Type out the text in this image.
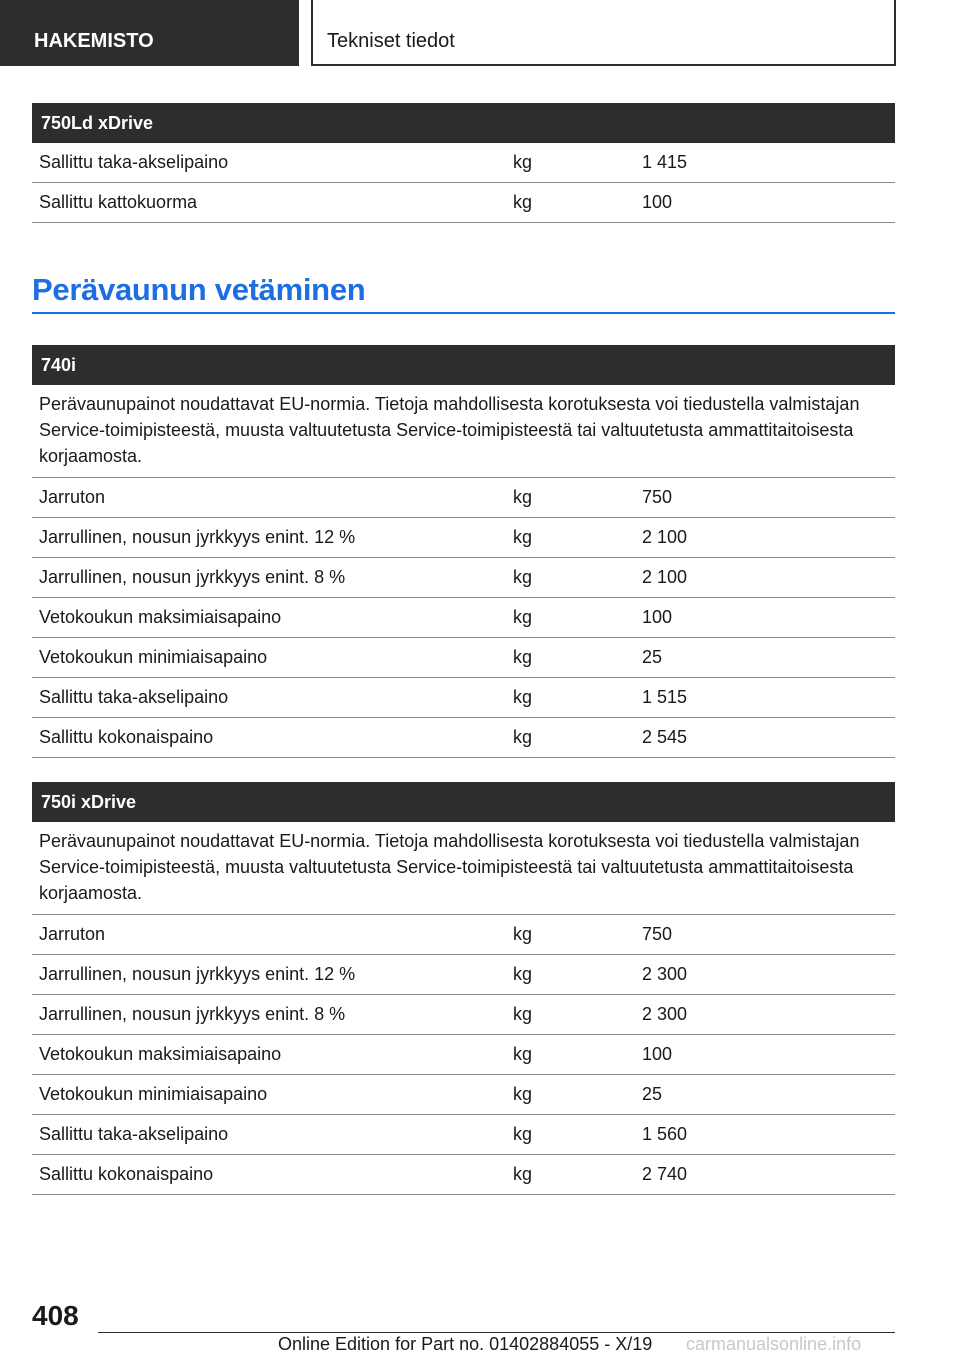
HAKEMISTO	Tekniset tiedot
750Ld xDrive
Sallittu taka-akselipaino	kg	1 415
Sallittu kattokuorma	kg	100
Perävaunun vetäminen
740i
Perävaunupainot noudattavat EU-normia. Tietoja mahdollisesta korotuksesta voi tiedustella valmistajan Service-toimipisteestä, muusta valtuutetusta Service-toimipisteestä tai valtuutetusta ammattitaitoisesta korjaamosta.
Jarruton	kg	750
Jarrullinen, nousun jyrkkyys enint. 12 %	kg	2 100
Jarrullinen, nousun jyrkkyys enint. 8 %	kg	2 100
Vetokoukun maksimiaisapaino	kg	100
Vetokoukun minimiaisapaino	kg	25
Sallittu taka-akselipaino	kg	1 515
Sallittu kokonaispaino	kg	2 545
750i xDrive
Perävaunupainot noudattavat EU-normia. Tietoja mahdollisesta korotuksesta voi tiedustella valmistajan Service-toimipisteestä, muusta valtuutetusta Service-toimipisteestä tai valtuutetusta ammattitaitoisesta korjaamosta.
Jarruton	kg	750
Jarrullinen, nousun jyrkkyys enint. 12 %	kg	2 300
Jarrullinen, nousun jyrkkyys enint. 8 %	kg	2 300
Vetokoukun maksimiaisapaino	kg	100
Vetokoukun minimiaisapaino	kg	25
Sallittu taka-akselipaino	kg	1 560
Sallittu kokonaispaino	kg	2 740
408
Online Edition for Part no. 01402884055 - X/19 carmanualsonline.info
